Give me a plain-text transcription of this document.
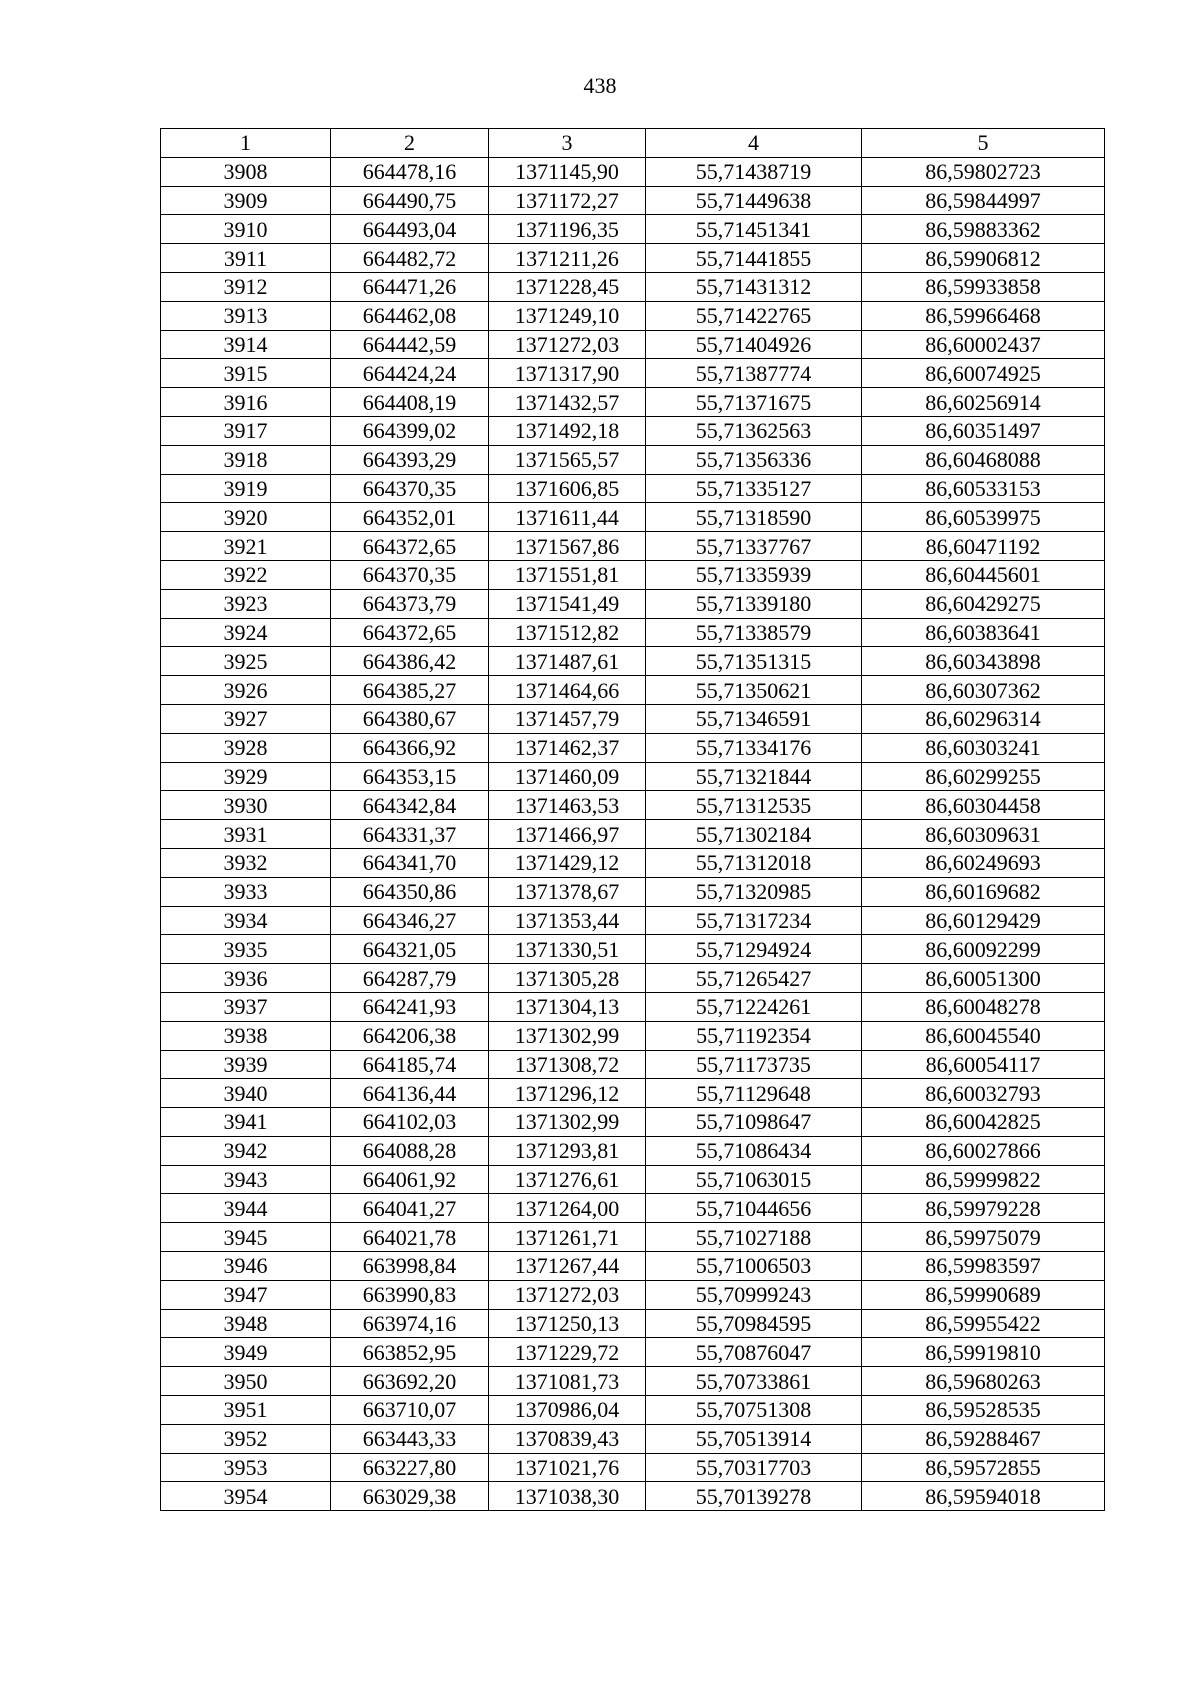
438
1	2	3	4	5
3908	664478,16	1371145,90	55,71438719	86,59802723
3909	664490,75	1371172,27	55,71449638	86,59844997
3910	664493,04	1371196,35	55,71451341	86,59883362
3911	664482,72	1371211,26	55,71441855	86,59906812
3912	664471,26	1371228,45	55,71431312	86,59933858
3913	664462,08	1371249,10	55,71422765	86,59966468
3914	664442,59	1371272,03	55,71404926	86,60002437
3915	664424,24	1371317,90	55,71387774	86,60074925
3916	664408,19	1371432,57	55,71371675	86,60256914
3917	664399,02	1371492,18	55,71362563	86,60351497
3918	664393,29	1371565,57	55,71356336	86,60468088
3919	664370,35	1371606,85	55,71335127	86,60533153
3920	664352,01	1371611,44	55,71318590	86,60539975
3921	664372,65	1371567,86	55,71337767	86,60471192
3922	664370,35	1371551,81	55,71335939	86,60445601
3923	664373,79	1371541,49	55,71339180	86,60429275
3924	664372,65	1371512,82	55,71338579	86,60383641
3925	664386,42	1371487,61	55,71351315	86,60343898
3926	664385,27	1371464,66	55,71350621	86,60307362
3927	664380,67	1371457,79	55,71346591	86,60296314
3928	664366,92	1371462,37	55,71334176	86,60303241
3929	664353,15	1371460,09	55,71321844	86,60299255
3930	664342,84	1371463,53	55,71312535	86,60304458
3931	664331,37	1371466,97	55,71302184	86,60309631
3932	664341,70	1371429,12	55,71312018	86,60249693
3933	664350,86	1371378,67	55,71320985	86,60169682
3934	664346,27	1371353,44	55,71317234	86,60129429
3935	664321,05	1371330,51	55,71294924	86,60092299
3936	664287,79	1371305,28	55,71265427	86,60051300
3937	664241,93	1371304,13	55,71224261	86,60048278
3938	664206,38	1371302,99	55,71192354	86,60045540
3939	664185,74	1371308,72	55,71173735	86,60054117
3940	664136,44	1371296,12	55,71129648	86,60032793
3941	664102,03	1371302,99	55,71098647	86,60042825
3942	664088,28	1371293,81	55,71086434	86,60027866
3943	664061,92	1371276,61	55,71063015	86,59999822
3944	664041,27	1371264,00	55,71044656	86,59979228
3945	664021,78	1371261,71	55,71027188	86,59975079
3946	663998,84	1371267,44	55,71006503	86,59983597
3947	663990,83	1371272,03	55,70999243	86,59990689
3948	663974,16	1371250,13	55,70984595	86,59955422
3949	663852,95	1371229,72	55,70876047	86,59919810
3950	663692,20	1371081,73	55,70733861	86,59680263
3951	663710,07	1370986,04	55,70751308	86,59528535
3952	663443,33	1370839,43	55,70513914	86,59288467
3953	663227,80	1371021,76	55,70317703	86,59572855
3954	663029,38	1371038,30	55,70139278	86,59594018
